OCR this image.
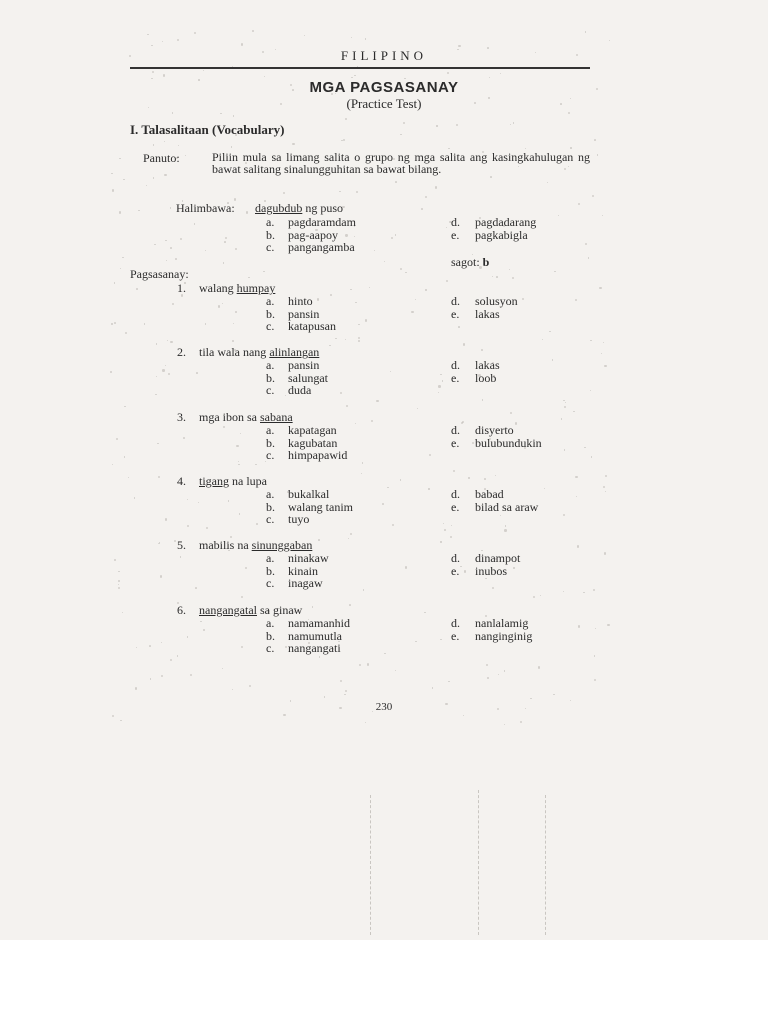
FILIPINO
MGA PAGSASANAY
(Practice Test)
I. Talasalitaan (Vocabulary)
Panuto:	Piliin mula sa limang salita o grupo ng mga salita ang kasingkahulugan ng bawat salitang sinalungguhitan sa bawat bilang.
Halimbawa: dagubdub ng puso
a. pagdaramdam
b. pag-aapoy
c. pangangamba
d. pagdadarang
e. pagkabigla
sagot: b
Pagsasanay:
1. walang humpay
a. hinto
b. pansin
c. katapusan
d. solusyon
e. lakas
2. tila wala nang alinlangan
a. pansin
b. salungat
c. duda
d. lakas
e. loob
3. mga ibon sa sabana
a. kapatagan
b. kagubatan
c. himpapawid
d. disyerto
e. bulubundukin
4. tigang na lupa
a. bukalkal
b. walang tanim
c. tuyo
d. babad
e. bilad sa araw
5. mabilis na sinunggaban
a. ninakaw
b. kinain
c. inagaw
d. dinampot
e. inubos
6. nangangatal sa ginaw
a. namamanhid
b. namumutla
c. nangangati
d. nanlalamig
e. nanginginig
230
